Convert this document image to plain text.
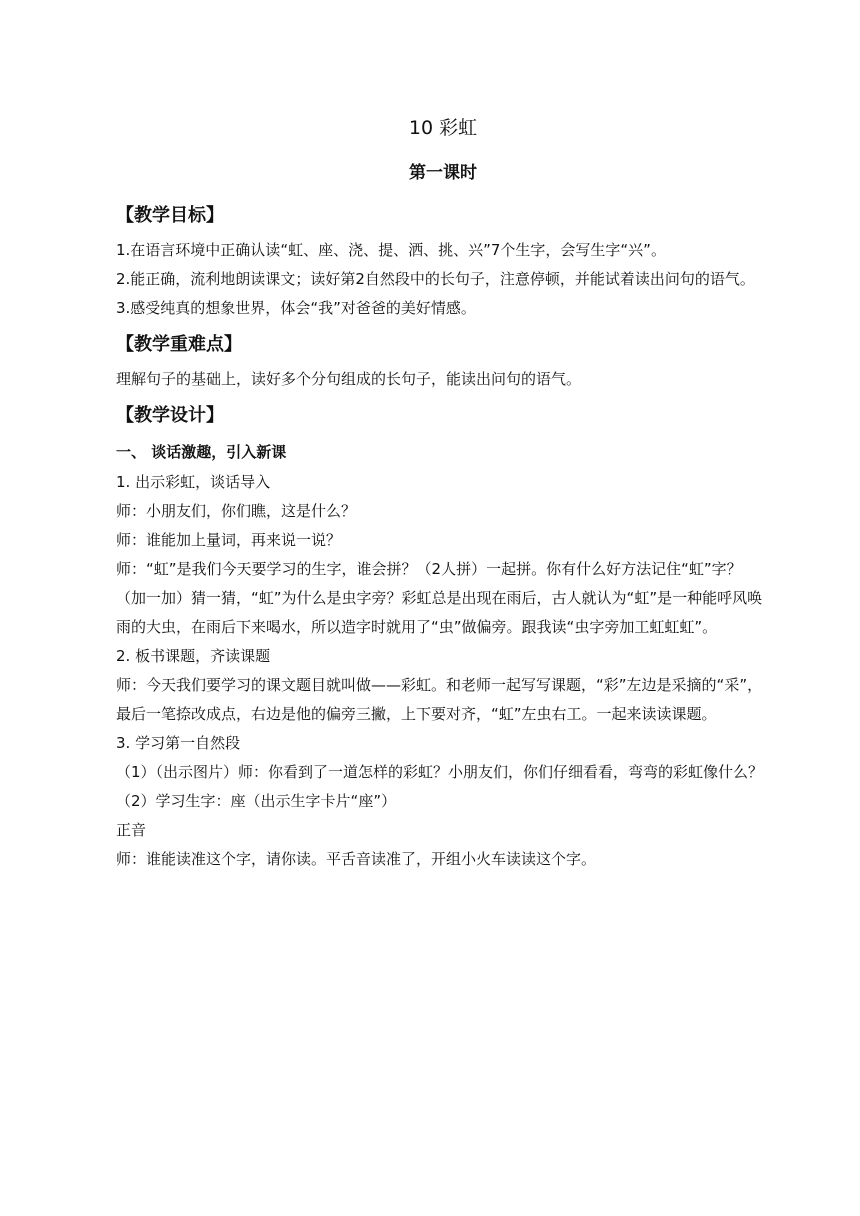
10 彩虹
第一课时
【教学目标】

1.在语言环境中正确认读“虹、座、浇、提、洒、挑、兴”7个生字，会写生字“兴”。

2.能正确，流利地朗读课文；读好第2自然段中的长句子，注意停顿，并能试着读出问句的语气。

3.感受纯真的想象世界，体会“我”对爸爸的美好情感。

【教学重难点】

理解句子的基础上，读好多个分句组成的长句子，能读出问句的语气。

【教学设计】
一、 谈话激趣，引入新课

1. 出示彩虹，谈话导入

师：小朋友们，你们瞧，这是什么？

师：谁能加上量词，再来说一说？

师：“虹”是我们今天要学习的生字，谁会拼？（2人拼）一起拼。你有什么好方法记住“虹”字？（加一加）猜一猜，“虹”为什么是虫字旁？彩虹总是出现在雨后，古人就认为“虹”是一种能呼风唤雨的大虫，在雨后下来喝水，所以造字时就用了“虫”做偏旁。跟我读“虫字旁加工虹虹虹”。

2. 板书课题，齐读课题

师：今天我们要学习的课文题目就叫做——彩虹。和老师一起写写课题，“彩”左边是采摘的“采”，最后一笔捺改成点，右边是他的偏旁三撇，上下要对齐，“虹”左虫右工。一起来读读课题。

3. 学习第一自然段

（1）（出示图片）师：你看到了一道怎样的彩虹？小朋友们，你们仔细看看，弯弯的彩虹像什么？

（2）学习生字：座（出示生字卡片“座”）

正音

师：谁能读准这个字，请你读。平舌音读准了，开组小火车读读这个字。
